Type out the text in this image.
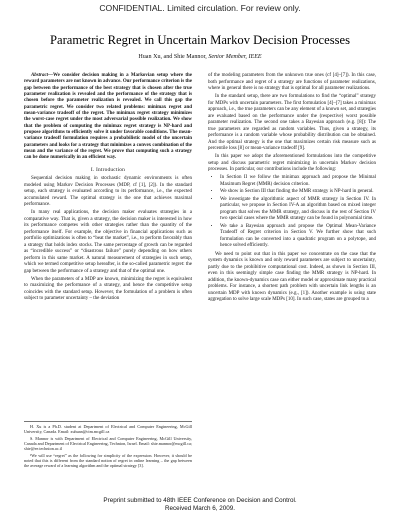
CONFIDENTIAL. Limited circulation. For review only.
Parametric Regret in Uncertain Markov Decision Processes
Huan Xu, and Shie Mannor, Senior Member, IEEE

Abstract—We consider decision making in a Markovian setup where the reward parameters are not known in advance. Our performance criterion is the gap between the performance of the best strategy that is chosen after the true parameter realization is revealed and the performance of the strategy that is chosen before the parameter realization is revealed. We call this gap the parametric regret. We consider two related problems: minimax regret and mean-variance tradeoff of the regret. The minimax regret strategy minimizes the worst-case regret under the most adversarial possible realization. We show that the problem of computing the minimax regret strategy is NP-hard and propose algorithms to efficiently solve it under favorable conditions. The mean-variance tradeoff formulation requires a probabilistic model of the uncertain parameters and looks for a strategy that minimizes a convex combination of the mean and the variance of the regret. We prove that computing such a strategy can be done numerically in an efficient way.

I. Introduction

Sequential decision making in stochastic dynamic environments is often modeled using Markov Decision Processes (MDP, cf [1], [2]). In the standard setup, each strategy is evaluated according to its performance, i.e., the expected accumulated reward. The optimal strategy is the one that achieves maximal performance.

In many real applications, the decision maker evaluates strategies in a comparative way. That is, given a strategy, the decision maker is interested in how its performance competes with other strategies rather than the quantity of the performance itself. For example, the objective in financial applications such as portfolio optimizations is often to “beat the market”, i.e., to perform favorably than a strategy that holds index stocks. The same percentage of growth can be regarded as “incredible success” or “disastrous failure” purely depending on how others perform in this same market. A natural measurement of strategies in such setup, which we termed competitive setup hereafter, is the so-called parametric regret: the gap between the performance of a strategy and that of the optimal one.

When the parameters of a MDP are known, minimizing the regret is equivalent to maximizing the performance of a strategy, and hence the competitive setup coincides with the standard setup. However, the formulation of a problem is often subject to parameter uncertainty – the deviation

H. Xu is a Ph.D. student at Department of Electrical and Computer Engineering, McGill University, Canada. Email: xuhuan@cim.mcgill.ca

S. Mannor is with Department of Electrical and Computer Engineering, McGill University, Canada and Department of Electrical Engineering, Technion, Israel. Email: shie.mannor@mcgill.ca; shie@ee.technion.ac.il

¹We will use “regret” as the following for simplicity of the expression. However, it should be noted that this is different from the standard notion of regret in online learning – the gap between the average reward of a learning algorithm and the optimal strategy [3].

of the modeling parameters from the unknown true ones (cf [4]–[7]). In this case, both performance and regret of a strategy are functions of parameter realizations, where in general there is no strategy that is optimal for all parameter realizations.

In the standard setup, there are two formulations to find the “optimal” strategy for MDPs with uncertain parameters. The first formulation [4]–[7] takes a minimax approach, i.e., the true parameters can be any element of a known set, and strategies are evaluated based on the performance under the (respective) worst possible parameter realization. The second one takes a Bayesian approach (e.g. [8]): The true parameters are regarded as random variables. Thus, given a strategy, its performance is a random variable whose probability distribution can be obtained. And the optimal strategy is the one that maximizes certain risk measure such as percentile loss [8] or mean-variance tradeoff [9].

In this paper we adopt the aforementioned formulations into the competitive setup and discuss parametric regret minimizing in uncertain Markov decision processes. In particular, our contributions include the following:

• In Section II we follow the minimax approach and propose the Minimal Maximum Regret (MMR) decision criterion.
• We show in Section III that finding the MMR strategy is NP-hard in general.
• We investigate the algorithmic aspect of MMR strategy in Section IV. In particular, we propose in Section IV-A an algorithm based on mixed integer program that solves the MMR strategy, and discuss in the rest of Section IV two special cases where the MMR strategy can be found in polynomial time.
• We take a Bayesian approach and propose the Optimal Mean-Variance Tradeoff of Regret criterion in Section V. We further show that such formulation can be converted into a quadratic program on a polytope, and hence solved efficiently.

We need to point out that in this paper we concentrate on the case that the system dynamics is known and only reward parameters are subject to uncertainty, partly due to the prohibitive computational cost. Indeed, as shown in Section III, even in this seemingly simple case finding the MMR strategy is NP-hard. In addition, the known-dynamics case can either model or approximate many practical problems. For instance, a shortest path problem with uncertain link lengths is an uncertain MDP with known dynamics (e.g., [1]). Another example is using state aggregation to solve large scale MDPs [10]. In such case, states are grouped to a

Preprint submitted to 48th IEEE Conference on Decision and Control.
Received March 6, 2009.
